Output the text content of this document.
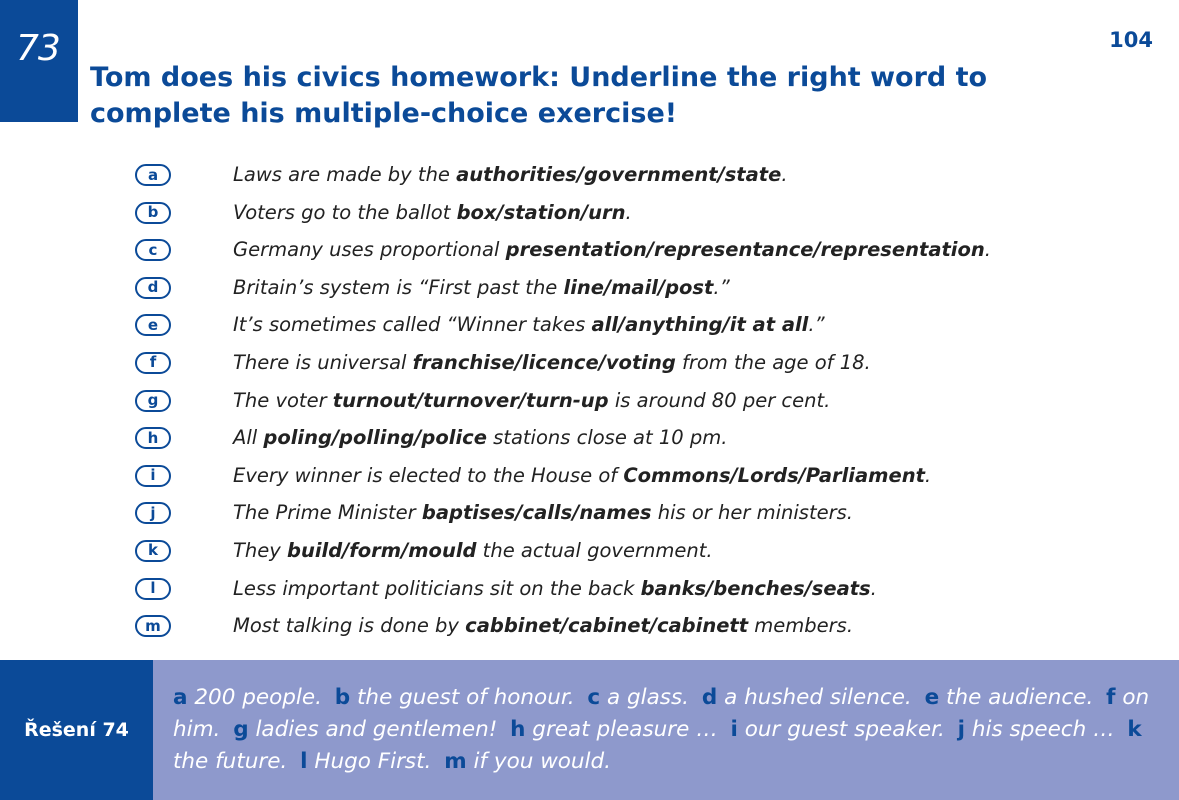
73	104
Tom does his civics homework: Underline the right word to complete his multiple-choice exercise!
a	Laws are made by the authorities/government/state.
b	Voters go to the ballot box/station/urn.
c	Germany uses proportional presentation/representance/representation.
d	Britain’s system is “First past the line/mail/post.”
e	It’s sometimes called “Winner takes all/anything/it at all.”
f	There is universal franchise/licence/voting from the age of 18.
g	The voter turnout/turnover/turn-up is around 80 per cent.
h	All poling/polling/police stations close at 10 pm.
i	Every winner is elected to the House of Commons/Lords/Parliament.
j	The Prime Minister baptises/calls/names his or her ministers.
k	They build/form/mould the actual government.
l	Less important politicians sit on the back banks/benches/seats.
m	Most talking is done by cabbinet/cabinet/cabinett members.
Řešení 74

a 200 people. b the guest of honour. c a glass. d a hushed silence. e the audience. f on him. g ladies and gentlemen! h great pleasure … i our guest speaker. j his speech … k the future. l Hugo First. m if you would.
